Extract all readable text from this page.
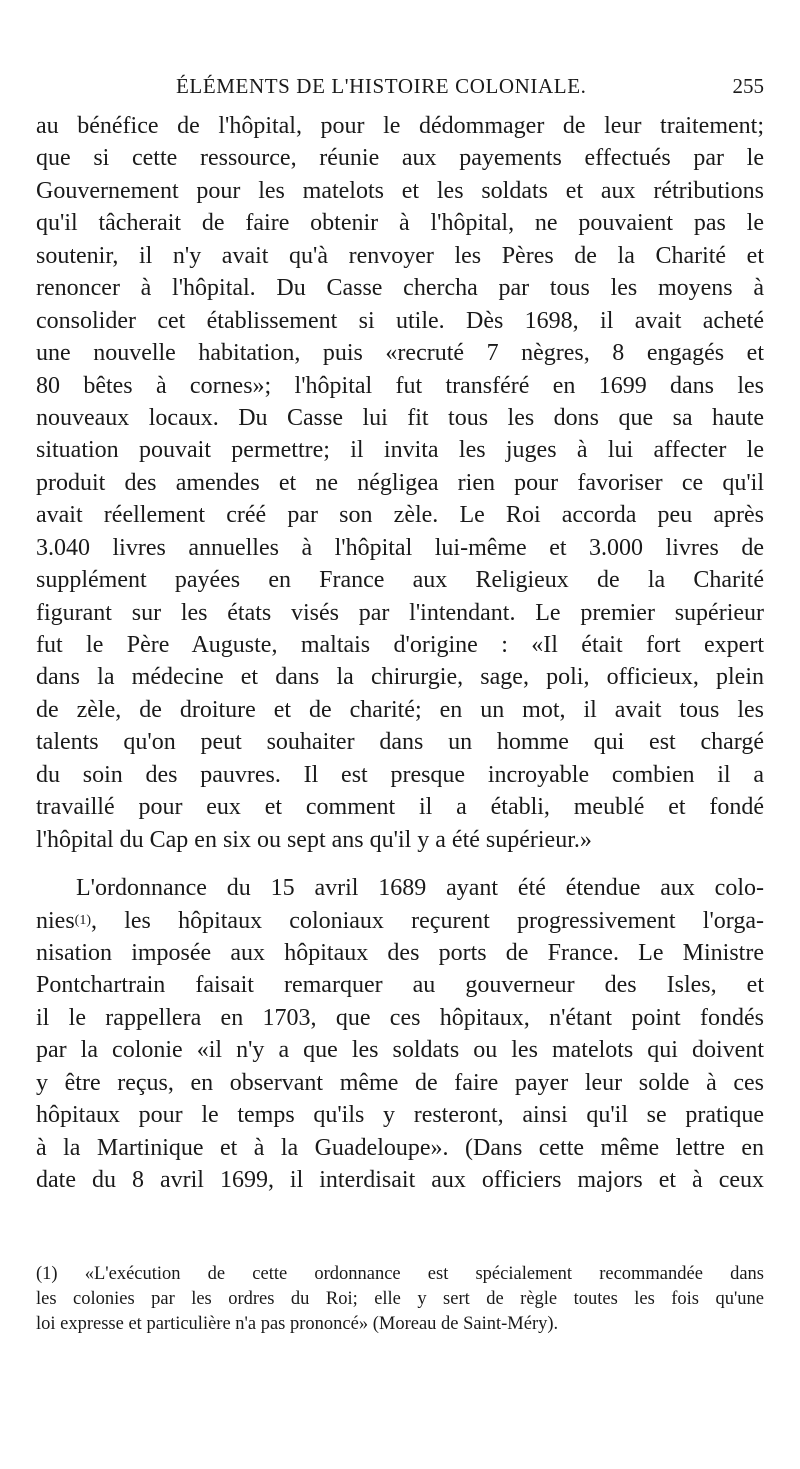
ÉLÉMENTS DE L'HISTOIRE COLONIALE.	255
au bénéfice de l'hôpital, pour le dédommager de leur traitement;
que si cette ressource, réunie aux payements effectués par le
Gouvernement pour les matelots et les soldats et aux rétributions
qu'il tâcherait de faire obtenir à l'hôpital, ne pouvaient pas le
soutenir, il n'y avait qu'à renvoyer les Pères de la Charité et
renoncer à l'hôpital. Du Casse chercha par tous les moyens à
consolider cet établissement si utile. Dès 1698, il avait acheté
une nouvelle habitation, puis «recruté 7 nègres, 8 engagés et
80 bêtes à cornes»; l'hôpital fut transféré en 1699 dans les
nouveaux locaux. Du Casse lui fit tous les dons que sa haute
situation pouvait permettre; il invita les juges à lui affecter le
produit des amendes et ne négligea rien pour favoriser ce qu'il
avait réellement créé par son zèle. Le Roi accorda peu après
3.040 livres annuelles à l'hôpital lui-même et 3.000 livres de
supplément payées en France aux Religieux de la Charité
figurant sur les états visés par l'intendant. Le premier supérieur
fut le Père Auguste, maltais d'origine : «Il était fort expert
dans la médecine et dans la chirurgie, sage, poli, officieux, plein
de zèle, de droiture et de charité; en un mot, il avait tous les
talents qu'on peut souhaiter dans un homme qui est chargé
du soin des pauvres. Il est presque incroyable combien il a
travaillé pour eux et comment il a établi, meublé et fondé
l'hôpital du Cap en six ou sept ans qu'il y a été supérieur.»
L'ordonnance du 15 avril 1689 ayant été étendue aux colo-
nies$^{(1)}$, les hôpitaux coloniaux reçurent progressivement l'orga-
nisation imposée aux hôpitaux des ports de France. Le Ministre
Pontchartrain faisait remarquer au gouverneur des Isles, et
il le rappellera en 1703, que ces hôpitaux, n'étant point fondés
par la colonie «il n'y a que les soldats ou les matelots qui doivent
y être reçus, en observant même de faire payer leur solde à ces
hôpitaux pour le temps qu'ils y resteront, ainsi qu'il se pratique
à la Martinique et à la Guadeloupe». (Dans cette même lettre en
date du 8 avril 1699, il interdisait aux officiers majors et à ceux
(1) «L'exécution de cette ordonnance est spécialement recommandée dans
les colonies par les ordres du Roi; elle y sert de règle toutes les fois qu'une
loi expresse et particulière n'a pas prononcé» (Moreau de Saint-Méry).
